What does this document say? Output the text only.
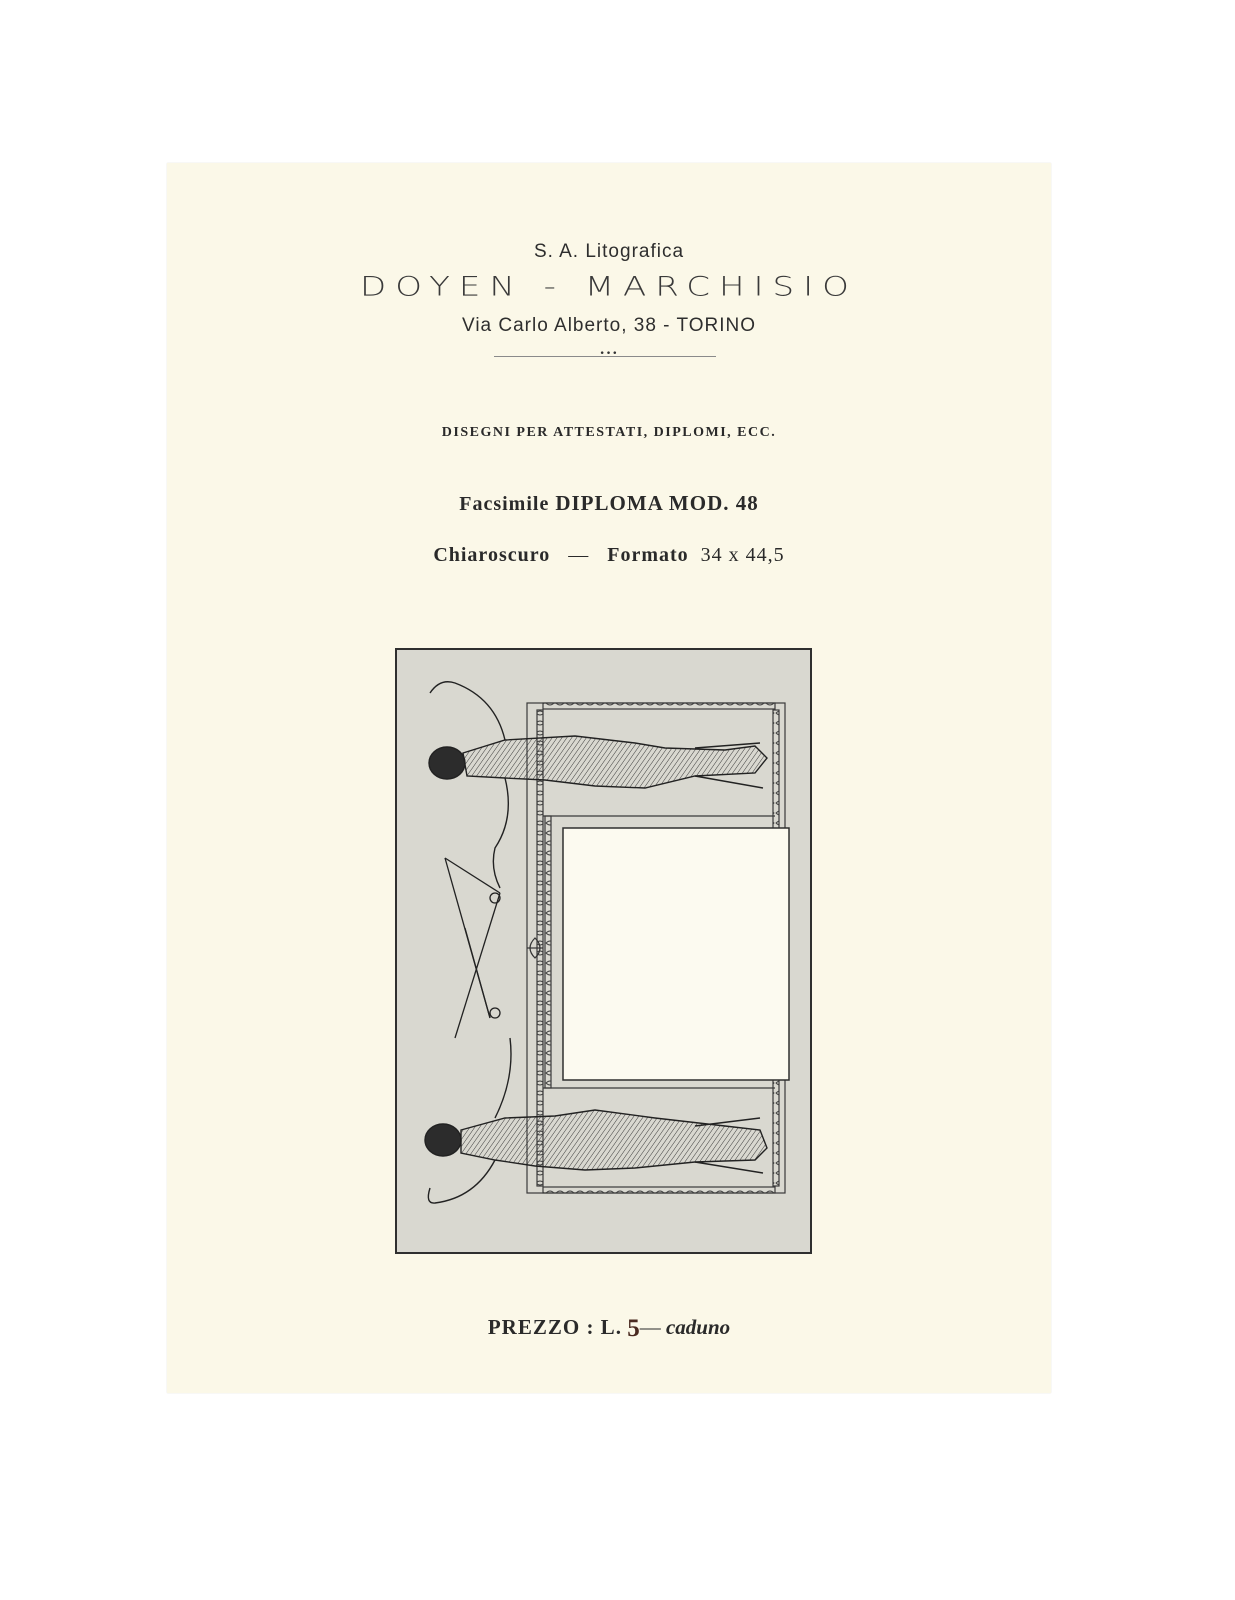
S. A. Litografica
DOYEN - MARCHISIO
Via Carlo Alberto, 38 - TORINO
•••
DISEGNI PER ATTESTATI, DIPLOMI, ECC.
Facsimile DIPLOMA MOD. 48
Chiaroscuro — Formato 34 x 44,5
PREZZO : L. 5— caduno
